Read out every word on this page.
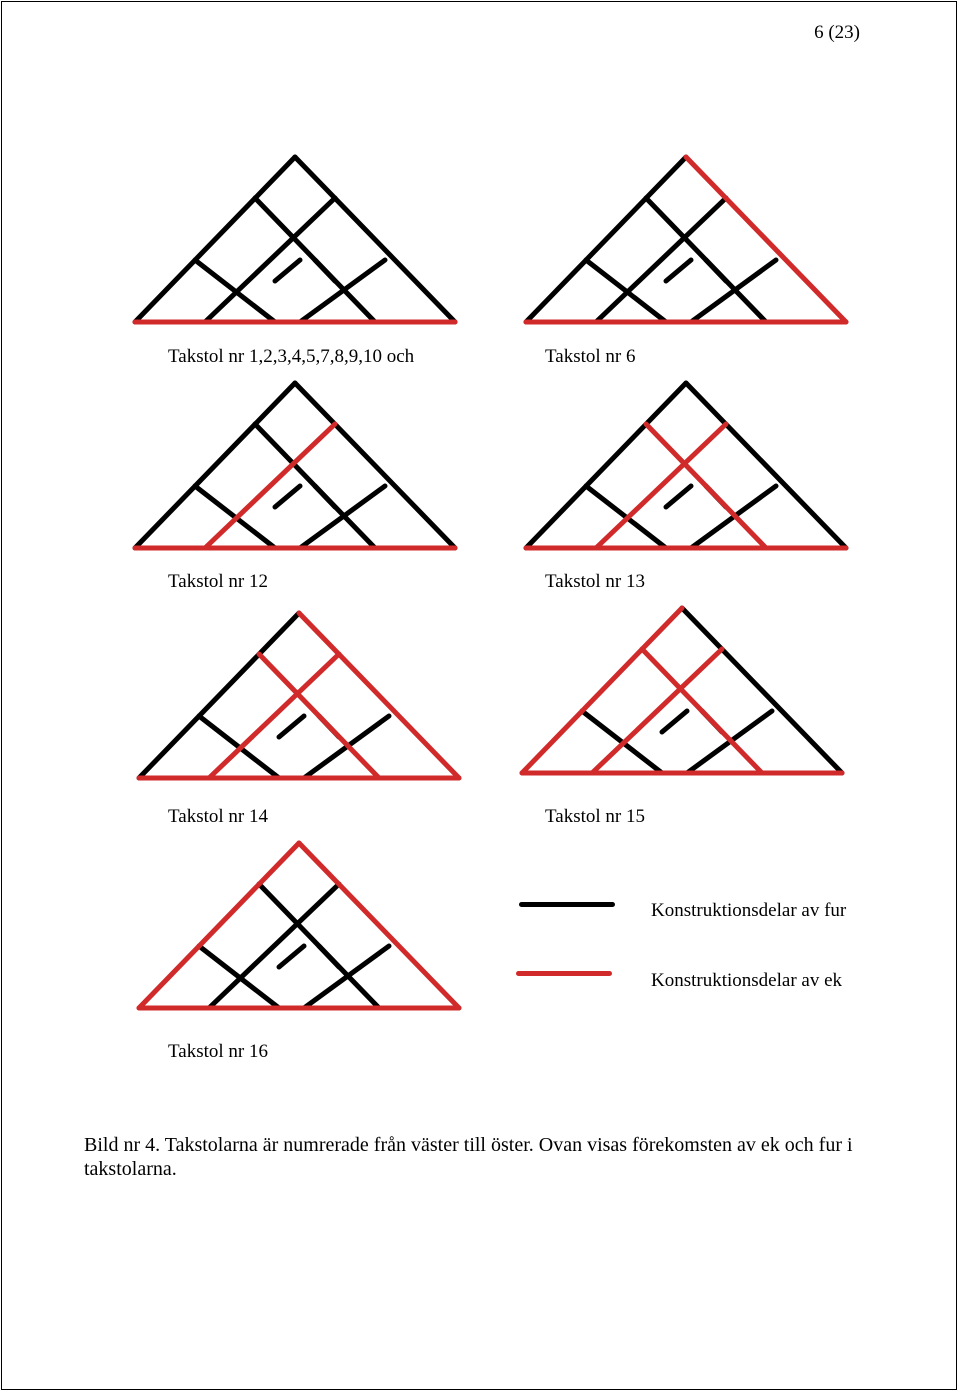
6 (23)
Takstol nr 1,2,3,4,5,7,8,9,10 och	Takstol nr 6
Takstol nr 12	Takstol nr 13
Takstol nr 14	Takstol nr 15
Takstol nr 16
Konstruktionsdelar av fur
Konstruktionsdelar av ek
Bild nr 4. Takstolarna är numrerade från väster till öster. Ovan visas förekomsten av ek och fur i takstolarna.
